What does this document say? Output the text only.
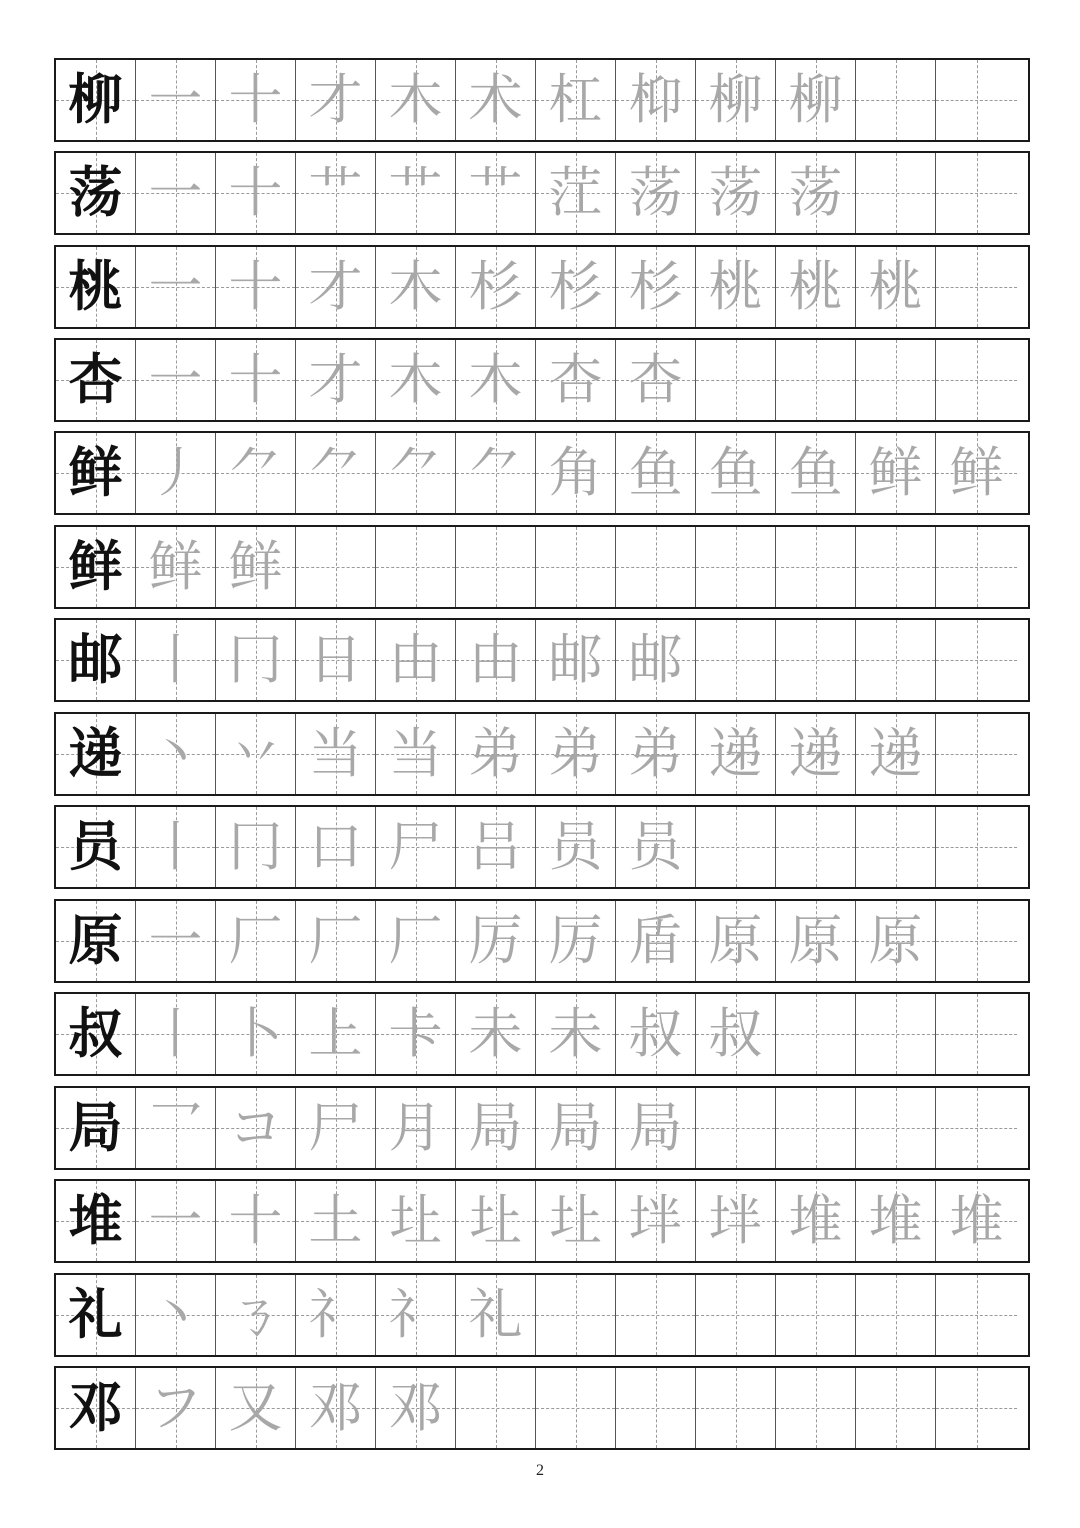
柳 一 十 才 木 术 杠 枊 柳 柳
荡 一 十 艹 艹 艹 茳 荡 荡 荡
桃 一 十 才 木 杉 杉 杉 桃 桃 桃
杏 一 十 才 木 木 杏 杏
鲜 丿 ⺈ ⺈ ⺈ ⺈ 角 鱼 鱼 鱼 鲜 鲜
鲜 鲜 鲜
邮 丨 冂 日 由 由 邮 邮
递 丶 丷 当 当 弟 弟 弟 递 递 递
员 丨 冂 口 尸 吕 员 员
原 一 厂 厂 厂 厉 厉 盾 原 原 原
叔 丨 卜 上 卡 未 未 叔 叔
局 乛 コ 尸 月 局 局 局
堆 一 十 土 圵 圵 圵 坢 坢 堆 堆 堆
礼 丶 ㄋ 礻 礻 礼
邓 フ 又 邓 邓
2
